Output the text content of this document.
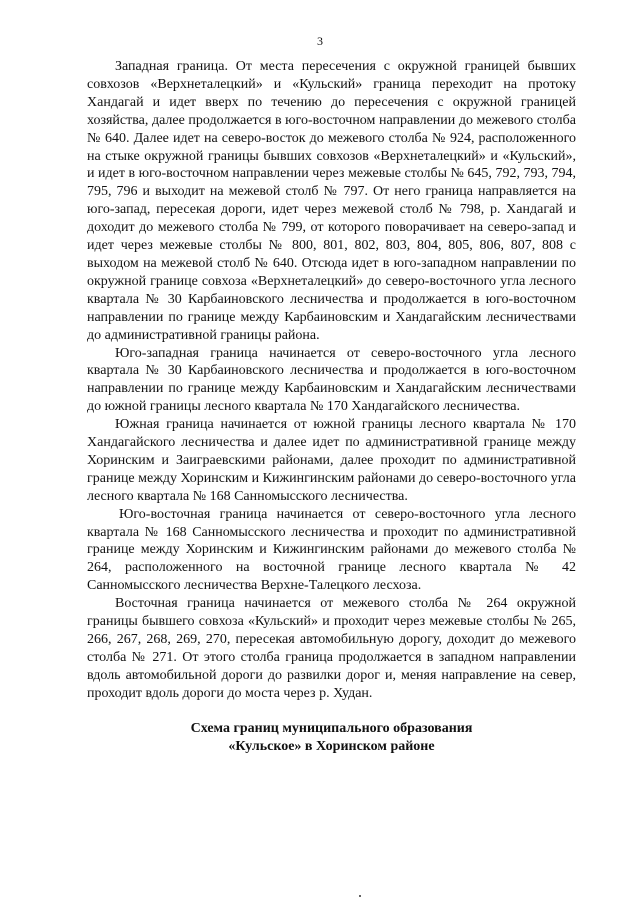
3

Западная граница. От места пересечения с окружной границей бывших совхозов «Верхнеталецкий» и «Кульский» граница переходит на протоку Хандагай и идет вверх по течению до пересечения с окружной границей хозяйства, далее продолжается в юго-восточном направлении до межевого столба № 640. Далее идет на северо-восток до межевого столба № 924, расположенного на стыке окружной границы бывших совхозов «Верхнеталецкий» и «Кульский», и идет в юго-восточном направлении через межевые столбы № 645, 792, 793, 794, 795, 796 и выходит на межевой столб № 797. От него граница направляется на юго-запад, пересекая дороги, идет через межевой столб № 798, р. Хандагай и доходит до межевого столба № 799, от которого поворачивает на северо-запад и идет через межевые столбы № 800, 801, 802, 803, 804, 805, 806, 807, 808 с выходом на межевой столб № 640. Отсюда идет в юго-западном направлении по окружной границе совхоза «Верхнеталецкий» до северо-восточного угла лесного квартала № 30 Карбаиновского лесничества и продолжается в юго-восточном направлении по границе между Карбаиновским и Хандагайским лесничествами до административной границы района.

Юго-западная граница начинается от северо-восточного угла лесного квартала № 30 Карбаиновского лесничества и продолжается в юго-восточном направлении по границе между Карбаиновским и Хандагайским лесничествами до южной границы лесного квартала № 170 Хандагайского лесничества.

Южная граница начинается от южной границы лесного квартала № 170 Хандагайского лесничества и далее идет по административной границе между Хоринским и Заиграевскими районами, далее проходит по административной границе между Хоринским и Кижингинским районами до северо-восточного угла лесного квартала № 168 Санномысского лесничества.

Юго-восточная граница начинается от северо-восточного угла лесного квартала № 168 Санномысского лесничества и проходит по административной границе между Хоринским и Кижингинским районами до межевого столба № 264, расположенного на восточной границе лесного квартала № 42 Санномысского лесничества Верхне-Талецкого лесхоза.

Восточная граница начинается от межевого столба № 264 окружной границы бывшего совхоза «Кульский» и проходит через межевые столбы № 265, 266, 267, 268, 269, 270, пересекая автомобильную дорогу, доходит до межевого столба № 271. От этого столба граница продолжается в западном направлении вдоль автомобильной дороги до развилки дорог и, меняя направление на север, проходит вдоль дороги до моста через р. Худан.

Схема границ муниципального образования
«Кульское» в Хоринском районе
